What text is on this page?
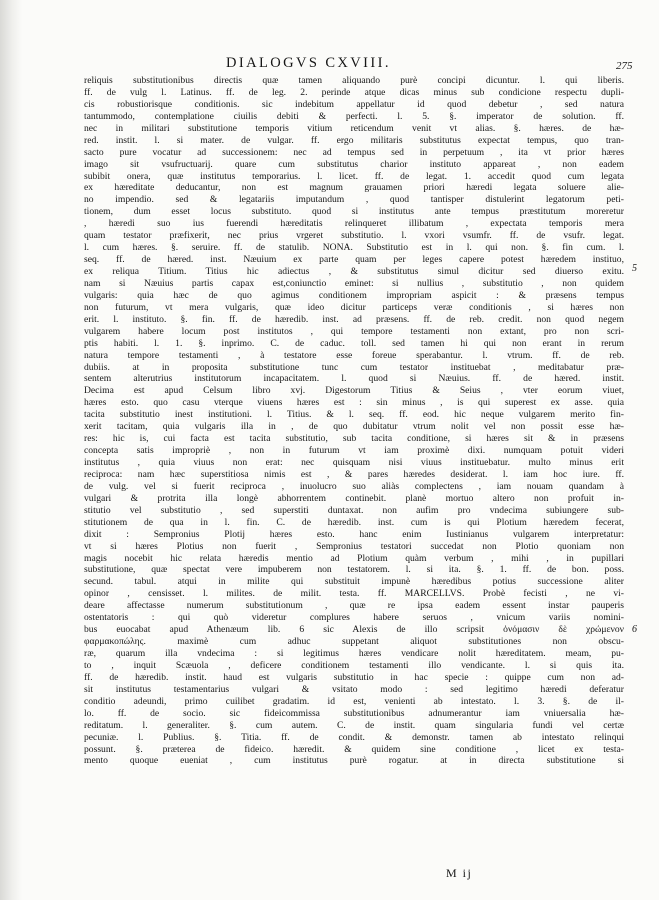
DIALOGVS CXVIII.	275
reliquis substitutionibus directis quæ tamen aliquando purè concipi dicuntur. l. qui liberis.
ff. de vulg l. Latinus. ff. de leg. 2. perinde atque dicas minus sub condicione respectu dupli-
cis robustiorisque conditionis. sic indebitum appellatur id quod debetur , sed natura
tantummodo, contemplatione ciuilis debiti & perfecti. l. 5. §. imperator de solution. ff.
nec in militari substitutione temporis vitium reticendum venit vt alias. §. hæres. de hæ-
red. instit. l. si mater. de vulgar. ff. ergo militaris substitutus expectat tempus, quo tran-
sacto pure vocatur ad successionem: nec ad tempus sed in perpetuum , ita vt prior hæres
imago sit vsufructuarij. quare cum substitutus charior instituto appareat , non eadem
subibit onera, quæ institutus temporarius. l. licet. ff. de legat. 1. accedit quod cum legata
ex hæreditate deducantur, non est magnum grauamen priori hæredi legata soluere alie-
no impendio. sed & legatariis imputandum , quod tantisper distulerint legatorum peti-
tionem, dum esset locus substituto. quod si institutus ante tempus præstitutum moreretur
, hæredi suo ius fuerendi hæreditatis relinqueret illibatum , expectata temporis mera
quam testator præfixerit, nec prius vrgeret substitutio. l. vxori vsumfr. ff. de vsufr. legat.
l. cum hæres. §. seruire. ff. de statulib. NONA. Substitutio est in l. qui non. §. fin cum. l.
seq. ff. de hæred. inst. Næuium ex parte quam per leges capere potest hæredem instituo,
ex reliqua Titium. Titius hic adiectus , & substitutus simul dicitur sed diuerso exitu.
nam si Næuius partis capax est,coniunctio eminet: si nullius , substitutio , non quidem
vulgaris: quia hæc de quo agimus conditionem impropriam aspicit : & præsens tempus
non futurum, vt mera vulgaris, quæ ideo dicitur particeps veræ conditionis , si hæres non
erit. l. instituto. §. fin. ff. de hæredib. inst. ad præsens. ff. de reb. credit. non quod negem
vulgarem habere locum post institutos , qui tempore testamenti non extant, pro non scri-
ptis habiti. l. 1. §. inprimo. C. de caduc. toll. sed tamen hi qui non erant in rerum
natura tempore testamenti , à testatore esse foreue sperabantur. l. vtrum. ff. de reb.
dubiis. at in proposita substitutione tunc cum testator instituebat , meditabatur præ-
sentem alterutrius institutorum incapacitatem. l. quod si Næuius. ff. de hæred. instit.
Decima est apud Celsum libro xvj. Digestorum Titius & Seius , vter eorum viuet,
hæres esto. quo casu vterque viuens hæres est : sin minus , is qui superest ex asse. quia
tacita substitutio inest institutioni. l. Titius. & l. seq. ff. eod. hic neque vulgarem merito fin-
xerit tacitam, quia vulgaris illa in , de quo dubitatur vtrum nolit vel non possit esse hæ-
res: hic is, cui facta est tacita substitutio, sub tacita conditione, si hæres sit & in præsens
concepta satis impropriè , non in futurum vt iam proximè dixi. numquam potuit videri
institutus , quia viuus non erat: nec quisquam nisi viuus instituebatur. multo minus erit
reciproca: nam hæc superstitiosa nimis est , & pares hæredes desiderat. l. iam hoc iure. ff.
de vulg. vel si fuerit reciproca , inuolucro suo aliàs complectens , iam nouam quandam à
vulgari & protrita illa longè abhorrentem continebit. planè mortuo altero non profuit in-
stitutio vel substitutio , sed superstiti duntaxat. non aufim pro vndecima subiungere sub-
stitutionem de qua in l. fin. C. de hæredib. inst. cum is qui Plotium hæredem fecerat,
dixit : Sempronius Plotij hæres esto. hanc enim Iustinianus vulgarem interpretatur:
vt si hæres Plotius non fuerit , Sempronius testatori succedat non Plotio quoniam non
magis nocebit hic relata hæredis mentio ad Plotium quàm verbum , mihi , in pupillari
substitutione, quæ spectat vere impuberem non testatorem. l. si ita. §. 1. ff. de bon. poss.
secund. tabul. atqui in milite qui substituit impunè hæredibus potius successione aliter
opinor , censisset. l. milites. de milit. testa. ff. MARCELLVS. Probè fecisti , ne vi-
deare affectasse numerum substitutionum , quæ re ipsa eadem essent instar pauperis
ostentatoris : qui quò videretur complures habere seruos , vnicum variis nomini-
bus euocabat apud Athenæum lib. 6 sic Alexis de illo scripsit ὀνόμασιν δὲ χρώμενον
φαρμακοπώλης. maximè cum adhuc suppetant aliquot substitutiones non obscu-
ræ, quarum illa vndecima : si legitimus hæres vendicare nolit hæreditatem. meam, pu-
to , inquit Scæuola , deficere conditionem testamenti illo vendicante. l. si quis ita.
ff. de hæredib. instit. haud est vulgaris substitutio in hac specie : quippe cum non ad-
sit institutus testamentarius vulgari & vsitato modo : sed legitimo hæredi deferatur
conditio adeundi, primo cuilibet gradatim. id est, venienti ab intestato. l. 3. §. de il-
lo. ff. de socio. sic fideicommissa substitutionibus adnumerantur iam vniuersalia hæ-
reditatum. l. generaliter. §. cum autem. C. de instit. quam singularia fundi vel certæ
pecuniæ. l. Publius. §. Titia. ff. de condit. & demonstr. tamen ab intestato relinqui
possunt. §. præterea de fideico. hæredit. & quidem sine conditione , licet ex testa-
mento quoque eueniat , cum institutus purè rogatur. at in directa substitutione si
5
6
M ij
